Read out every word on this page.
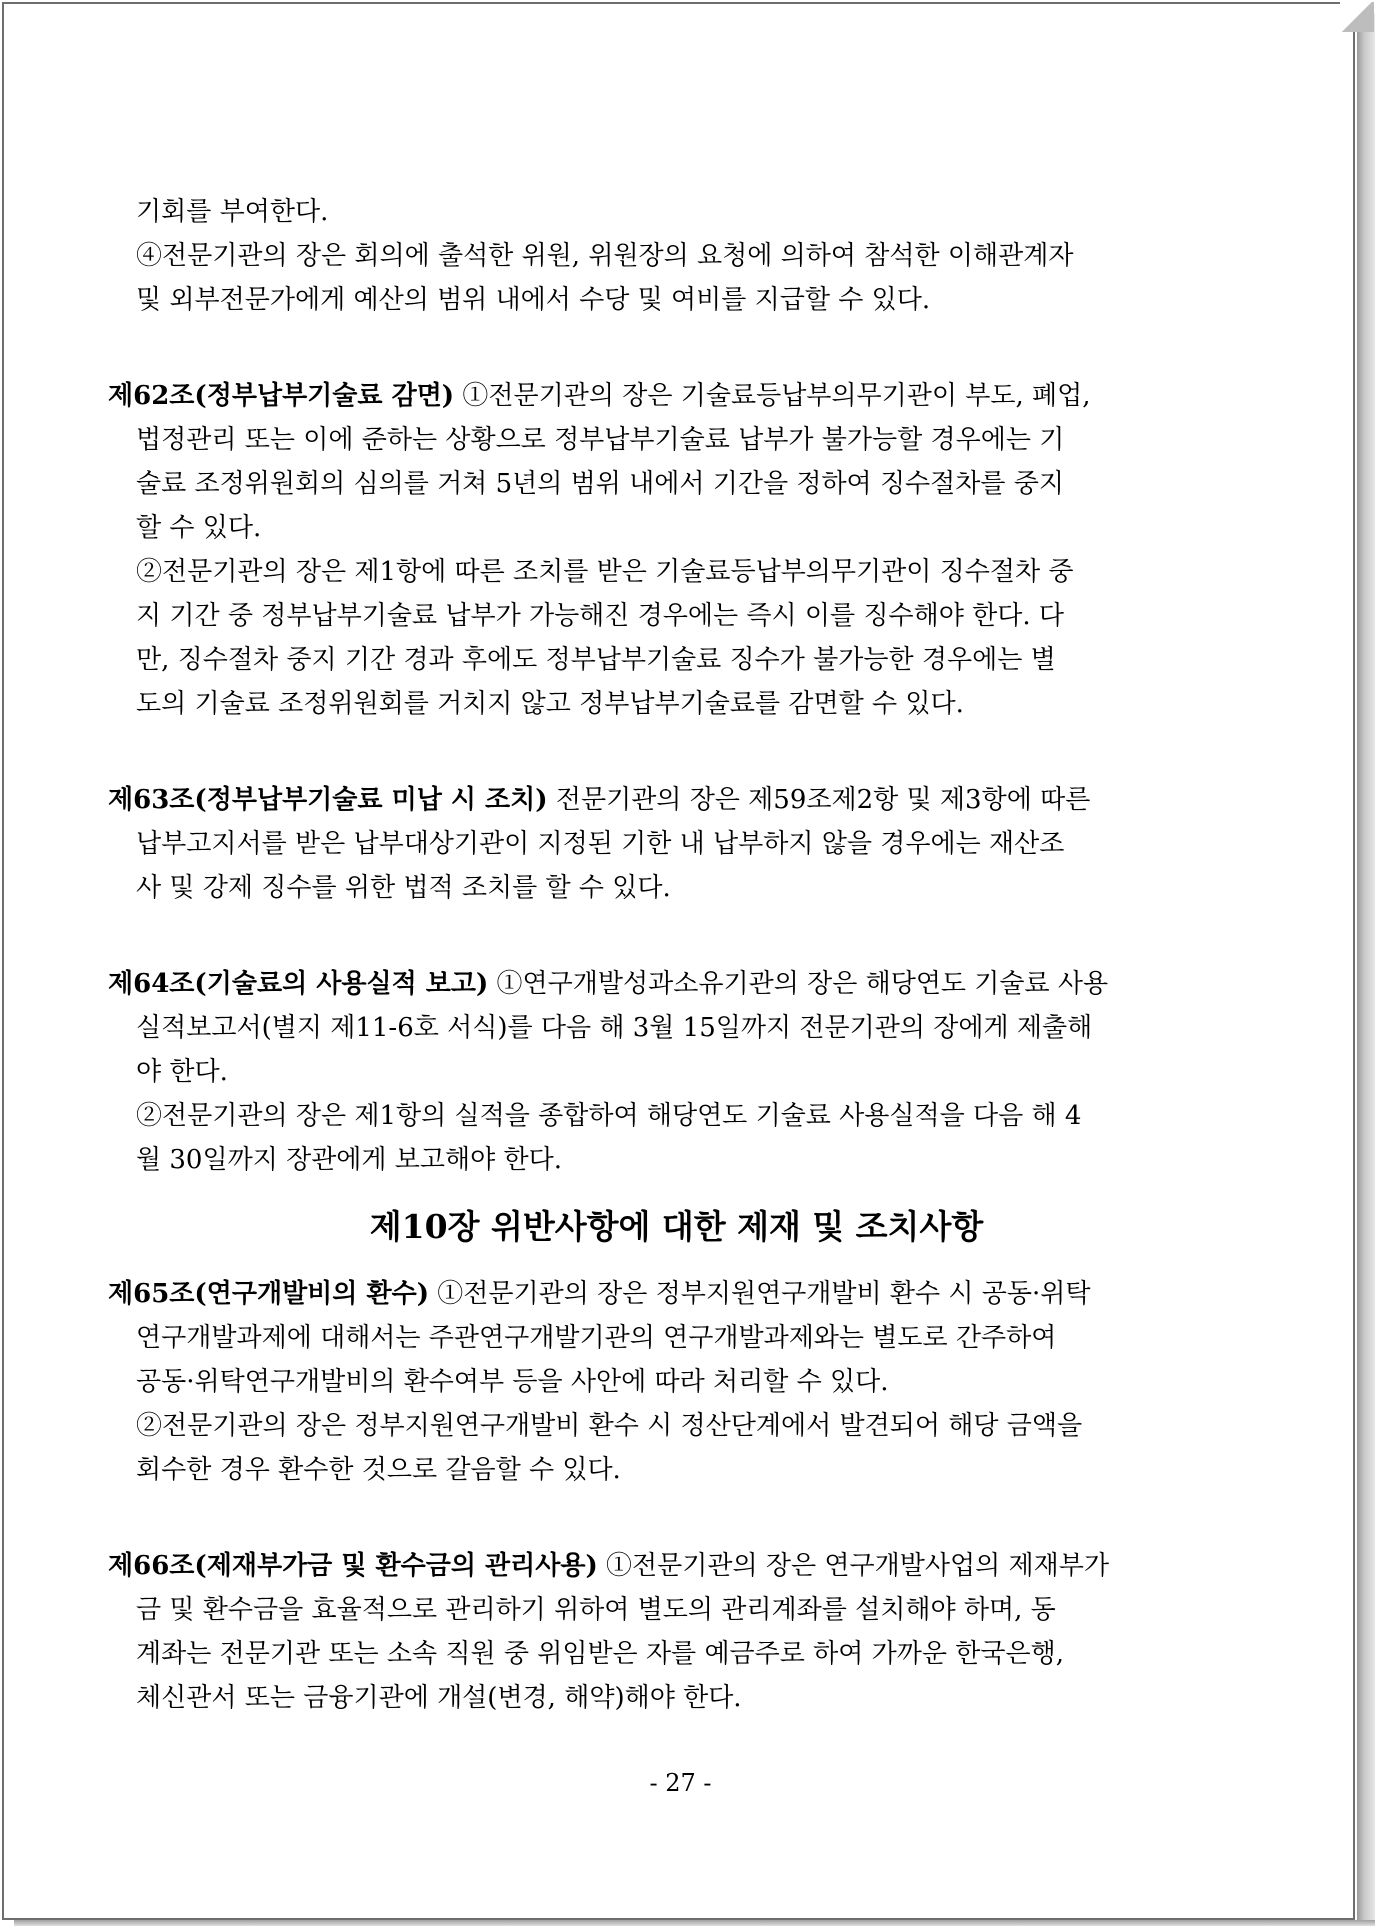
- 27 -
기회를 부여한다.
④전문기관의 장은 회의에 출석한 위원, 위원장의 요청에 의하여 참석한 이해관계자
및 외부전문가에게 예산의 범위 내에서 수당 및 여비를 지급할 수 있다.
제62조(정부납부기술료 감면) ①전문기관의 장은 기술료등납부의무기관이 부도, 폐업,
법정관리 또는 이에 준하는 상황으로 정부납부기술료 납부가 불가능할 경우에는 기
술료 조정위원회의 심의를 거쳐 5년의 범위 내에서 기간을 정하여 징수절차를 중지
할 수 있다.
②전문기관의 장은 제1항에 따른 조치를 받은 기술료등납부의무기관이 징수절차 중
지 기간 중 정부납부기술료 납부가 가능해진 경우에는 즉시 이를 징수해야 한다. 다
만, 징수절차 중지 기간 경과 후에도 정부납부기술료 징수가 불가능한 경우에는 별
도의 기술료 조정위원회를 거치지 않고 정부납부기술료를 감면할 수 있다.
제63조(정부납부기술료 미납 시 조치) 전문기관의 장은 제59조제2항 및 제3항에 따른
납부고지서를 받은 납부대상기관이 지정된 기한 내 납부하지 않을 경우에는 재산조
사 및 강제 징수를 위한 법적 조치를 할 수 있다.
제64조(기술료의 사용실적 보고) ①연구개발성과소유기관의 장은 해당연도 기술료 사용
실적보고서(별지 제11-6호 서식)를 다음 해 3월 15일까지 전문기관의 장에게 제출해
야 한다.
②전문기관의 장은 제1항의 실적을 종합하여 해당연도 기술료 사용실적을 다음 해 4
월 30일까지 장관에게 보고해야 한다.
제10장 위반사항에 대한 제재 및 조치사항
제65조(연구개발비의 환수) ①전문기관의 장은 정부지원연구개발비 환수 시 공동·위탁
연구개발과제에 대해서는 주관연구개발기관의 연구개발과제와는 별도로 간주하여
공동·위탁연구개발비의 환수여부 등을 사안에 따라 처리할 수 있다.
②전문기관의 장은 정부지원연구개발비 환수 시 정산단계에서 발견되어 해당 금액을
회수한 경우 환수한 것으로 갈음할 수 있다.
제66조(제재부가금 및 환수금의 관리사용) ①전문기관의 장은 연구개발사업의 제재부가
금 및 환수금을 효율적으로 관리하기 위하여 별도의 관리계좌를 설치해야 하며, 동
계좌는 전문기관 또는 소속 직원 중 위임받은 자를 예금주로 하여 가까운 한국은행,
체신관서 또는 금융기관에 개설(변경, 해약)해야 한다.
